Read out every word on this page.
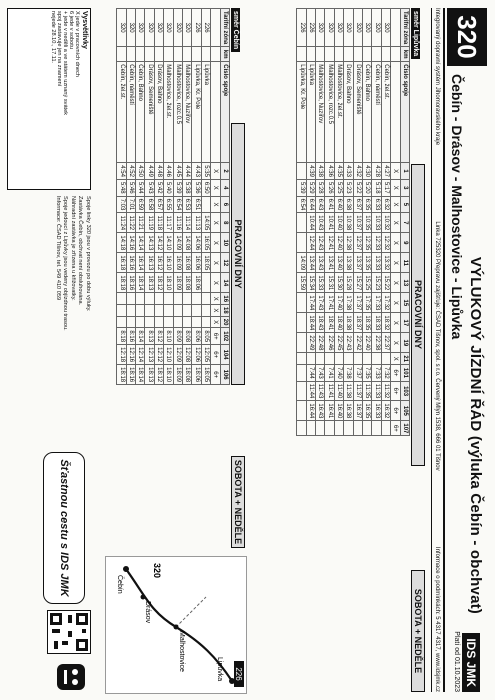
320
VÝLUKOVÝ JÍZDNÍ ŘÁD (výluka Čebín - obchvat)
Čebín - Drásov - Malhostovice - Lipůvka
IDS JMK
Platí od 01.10.2023
Integrovaný dopravní systém Jihomoravského kraje
Linka 725320 Přepravu zajišťuje: ČSAD Tišnov, spol. s r.o. Červený Mlýn 1538, 666 01 Tišnov
Informace o podmínkách: 5 4317 4317, www.idsjmk.cz
směr Lipůvka
PRACOVNÍ DNY
SOBOTA + NEDĚLE
Tarifní zóna	km	Číslo spoje	1	3	5	7	9	11	13	15	17	19	21	101	103	105	107
			X	X	X	X	X	X	X	X	X	X	X	6+	6+	6+	6+
320		Čebín, žel.st.	4:27	5:17	6:32	10:32	12:32	13:32	15:22	17:32	18:32	22:37		7:32	11:32	16:32	
320		Čebín, náměstí	4:28	5:18	6:33	10:33	12:33	13:33	15:23	17:33	18:33	22:38		7:33	11:33	16:33	
320		Čebín, Bahno	4:30	5:20	6:35	10:35	12:35	13:35	15:25	17:35	18:35	22:40		7:35	11:35	16:35	
320		Drásov, Semeniště	4:32	5:22	6:37	10:37	12:37	13:37	15:27	17:37	18:37	22:42		7:37	11:37	16:37	
320		Drásov, Bahno	4:33	5:23	6:38	10:38	12:38	13:38	15:28	17:38	18:38	22:43		7:38	11:38	16:38	
320		Malhostovice, žel.st.	4:35	5:25	6:40	10:40	12:40	13:40	15:30	17:40	18:40	22:45		7:40	11:40	16:40	
320		Malhostovice, rozc.0.5	4:36	5:26	6:41	10:41	12:41	13:41	15:31	17:41	18:41	22:46		7:41	11:41	16:41	
320		Malhostovice, Nuzířov	4:38	5:28	6:43	10:43	12:43	13:43	15:33	17:43	18:43	22:48		7:43	11:43	16:43	
226		Lipůvka	4:39	5:29	6:44	10:44	12:44	13:44	15:34	17:44	18:44	22:49		7:44	11:44	16:44	
226		Lipůvka, Kr. Pole		5:39	6:54			14:09	15:59								
směr Čebín
PRACOVNÍ DNY
SOBOTA + NEDĚLE
Tarifní zóna	km	Číslo spoje	2	4	6	8	10	12	14	16	18	20	102	104	106
			X	X	X	X	X	X	X	X	X	X	6+	6+	6+
226		Lipůvka	5:35	6:50		14:05	16:05	18:05					8:05	12:05	18:05
226		Lipůvka, Kr. Pole	4:43	5:36	6:51	11:13	14:06	16:06	18:06				8:06	12:06	18:06
320		Malhostovice, Nuzířov	4:44	5:38	6:53	11:14	14:08	16:08	18:08				8:08	12:08	18:08
320		Malhostovice, rozc.0.5	4:45	5:39	6:54	11:16	14:09	16:09	18:09				8:09	12:09	18:09
320		Malhostovice, žel.st.	4:46	5:40	6:55	11:17	14:10	16:10	18:10				8:10	12:10	18:10
320		Drásov, Bahno	4:48	5:42	6:57	11:18	14:12	16:12	18:12				8:12	12:12	18:12
320		Drásov, Semeniště	4:49	5:43	6:58	11:19	14:13	16:13	18:13				8:13	12:13	18:13
320		Čebín, Bahno	4:50	5:44	6:59	11:21	14:14	16:14	18:14				8:14	12:14	18:14
320		Čebín, náměstí	4:52	5:46	7:01	11:22	14:16	16:16	18:16				8:16	12:16	18:16
320		Čebín, žel.st.	4:54	5:48	7:03	11:24	14:18	16:18	18:18				8:18	12:18	18:18
226
Lipůvka
Malhostovice
Drásov
Čebín
320
Vysvětlivky
X jede v pracovních dnech
6 jede v sobotu
+ jede v neděli a ve státem uznaný svátek
spoj zastavuje jen na znamení
nejede 28.10., 17.11.
Spoje linky 320 jsou v provozu po dobu výluky.
Zastávka Čebín, obchvat není obsluhována.
Náhradní zastávka je zřízena u křižovatky.
Spoje jedoucí z Lipůvky jsou vedeny objízdnou trasou.
Informace: ČSAD Tišnov, tel. 549 410 059
Šťastnou cestu s IDS JMK
